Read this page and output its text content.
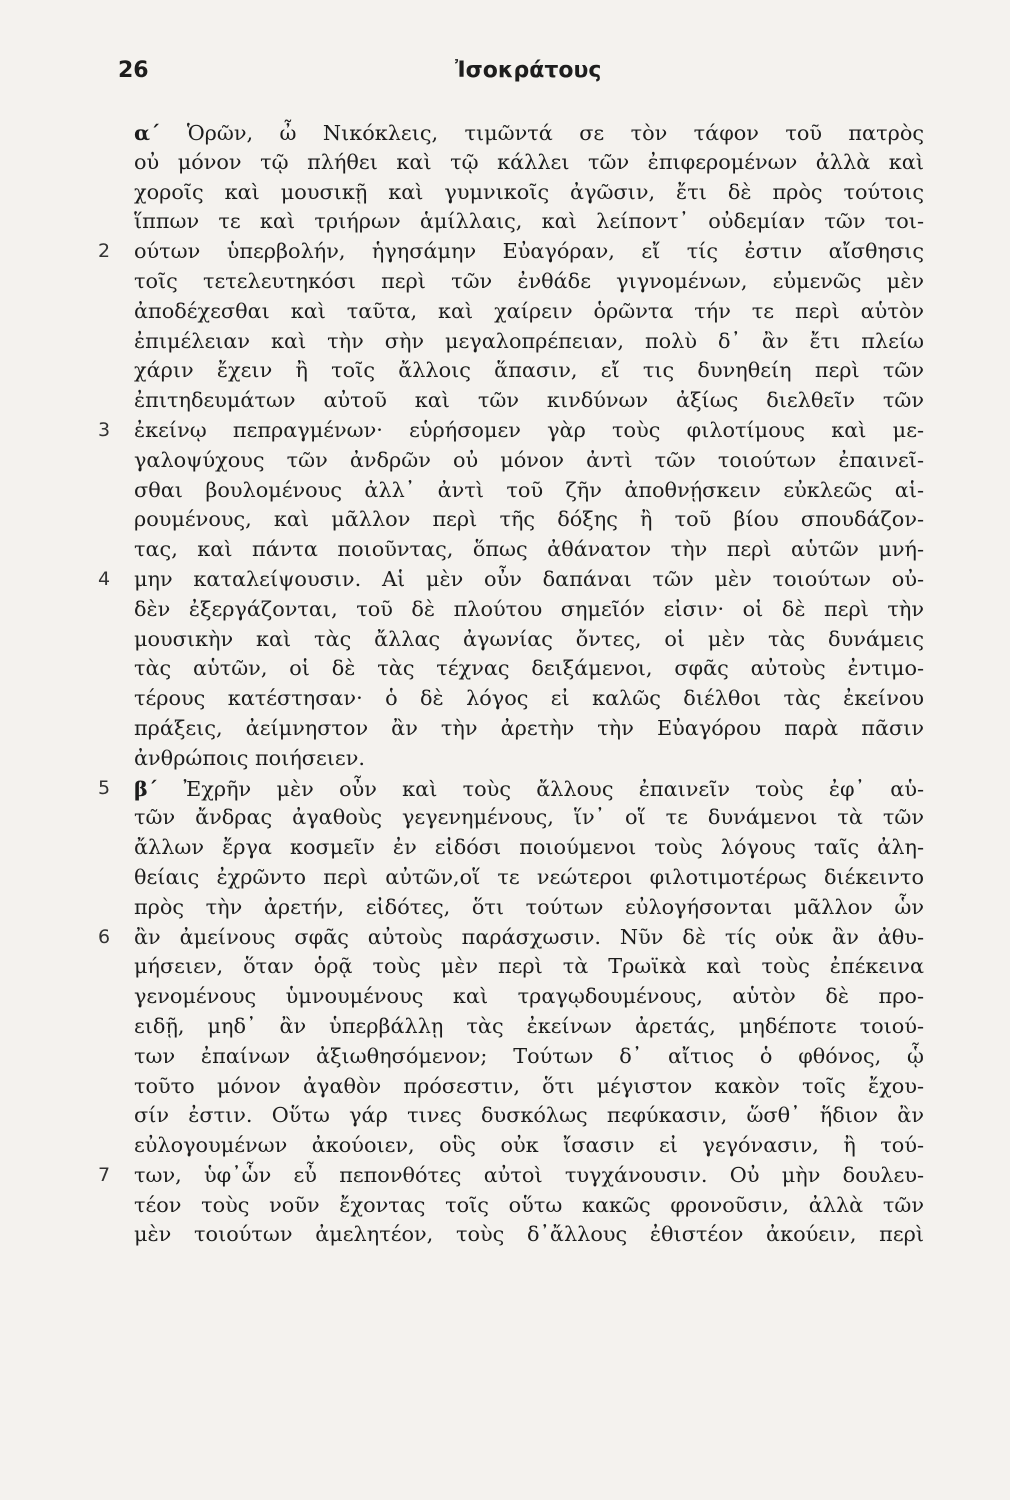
26	Ἰσοκράτους
α΄ Ὁρῶν, ὦ Νικόκλεις, τιμῶντά σε τὸν τάφον τοῦ πατρὸς
οὐ μόνον τῷ πλήθει καὶ τῷ κάλλει τῶν ἐπιφερομένων ἀλλὰ καὶ
χοροῖς καὶ μουσικῇ καὶ γυμνικοῖς ἀγῶσιν, ἔτι δὲ πρὸς τούτοις
ἵππων τε καὶ τριήρων ἁμίλλαις, καὶ λείποντ᾽ οὐδεμίαν τῶν τοι-
2	ούτων ὑπερβολήν, ἡγησάμην Εὐαγόραν, εἴ τίς ἐστιν αἴσθησις
τοῖς τετελευτηκόσι περὶ τῶν ἐνθάδε γιγνομένων, εὐμενῶς μὲν
ἀποδέχεσθαι καὶ ταῦτα, καὶ χαίρειν ὁρῶντα τήν τε περὶ αὑτὸν
ἐπιμέλειαν καὶ τὴν σὴν μεγαλοπρέπειαν, πολὺ δ᾽ ἂν ἔτι πλείω
χάριν ἔχειν ἢ τοῖς ἄλλοις ἅπασιν, εἴ τις δυνηθείη περὶ τῶν
ἐπιτηδευμάτων αὐτοῦ καὶ τῶν κινδύνων ἀξίως διελθεῖν τῶν
3	ἐκείνῳ πεπραγμένων· εὑρήσομεν γὰρ τοὺς φιλοτίμους καὶ με-
γαλοψύχους τῶν ἀνδρῶν οὐ μόνον ἀντὶ τῶν τοιούτων ἐπαινεῖ-
σθαι βουλομένους ἀλλ᾽ ἀντὶ τοῦ ζῆν ἀποθνῄσκειν εὐκλεῶς αἱ-
ρουμένους, καὶ μᾶλλον περὶ τῆς δόξης ἢ τοῦ βίου σπουδάζον-
τας, καὶ πάντα ποιοῦντας, ὅπως ἀθάνατον τὴν περὶ αὑτῶν μνή-
4	μην καταλείψουσιν. Αἱ μὲν οὖν δαπάναι τῶν μὲν τοιούτων οὐ-
δὲν ἐξεργάζονται, τοῦ δὲ πλούτου σημεῖόν εἰσιν· οἱ δὲ περὶ τὴν
μουσικὴν καὶ τὰς ἄλλας ἀγωνίας ὄντες, οἱ μὲν τὰς δυνάμεις
τὰς αὑτῶν, οἱ δὲ τὰς τέχνας δειξάμενοι, σφᾶς αὐτοὺς ἐντιμο-
τέρους κατέστησαν· ὁ δὲ λόγος εἰ καλῶς διέλθοι τὰς ἐκείνου
πράξεις, ἀείμνηστον ἂν τὴν ἀρετὴν τὴν Εὐαγόρου παρὰ πᾶσιν
ἀνθρώποις ποιήσειεν.
5	β΄ Ἐχρῆν μὲν οὖν καὶ τοὺς ἄλλους ἐπαινεῖν τοὺς ἐφ᾽ αὑ-
τῶν ἄνδρας ἀγαθοὺς γεγενημένους, ἵν᾽ οἵ τε δυνάμενοι τὰ τῶν
ἄλλων ἔργα κοσμεῖν ἐν εἰδόσι ποιούμενοι τοὺς λόγους ταῖς ἀλη-
θείαις ἐχρῶντο περὶ αὐτῶν,οἵ τε νεώτεροι φιλοτιμοτέρως διέκειντο
πρὸς τὴν ἀρετήν, εἰδότες, ὅτι τούτων εὐλογήσονται μᾶλλον ὧν
6	ἂν ἀμείνους σφᾶς αὐτοὺς παράσχωσιν. Νῦν δὲ τίς οὐκ ἂν ἀθυ-
μήσειεν, ὅταν ὁρᾷ τοὺς μὲν περὶ τὰ Τρωϊκὰ καὶ τοὺς ἐπέκεινα
γενομένους ὑμνουμένους καὶ τραγῳδουμένους, αὑτὸν δὲ προ-
ειδῇ, μηδ᾽ ἂν ὑπερβάλλῃ τὰς ἐκείνων ἀρετάς, μηδέποτε τοιού-
των ἐπαίνων ἀξιωθησόμενον; Τούτων δ᾽ αἴτιος ὁ φθόνος, ᾧ
τοῦτο μόνον ἀγαθὸν πρόσεστιν, ὅτι μέγιστον κακὸν τοῖς ἔχου-
σίν ἐστιν. Οὕτω γάρ τινες δυσκόλως πεφύκασιν, ὥσθ᾽ ἥδιον ἂν
εὐλογουμένων ἀκούοιεν, οὓς οὐκ ἴσασιν εἰ γεγόνασιν, ἢ τού-
7	των, ὑφ᾽ὧν εὖ πεπονθότες αὐτοὶ τυγχάνουσιν. Οὐ μὴν δουλευ-
τέον τοὺς νοῦν ἔχοντας τοῖς οὕτω κακῶς φρονοῦσιν, ἀλλὰ τῶν
μὲν τοιούτων ἀμελητέον, τοὺς δ᾽ἄλλους ἐθιστέον ἀκούειν, περὶ
